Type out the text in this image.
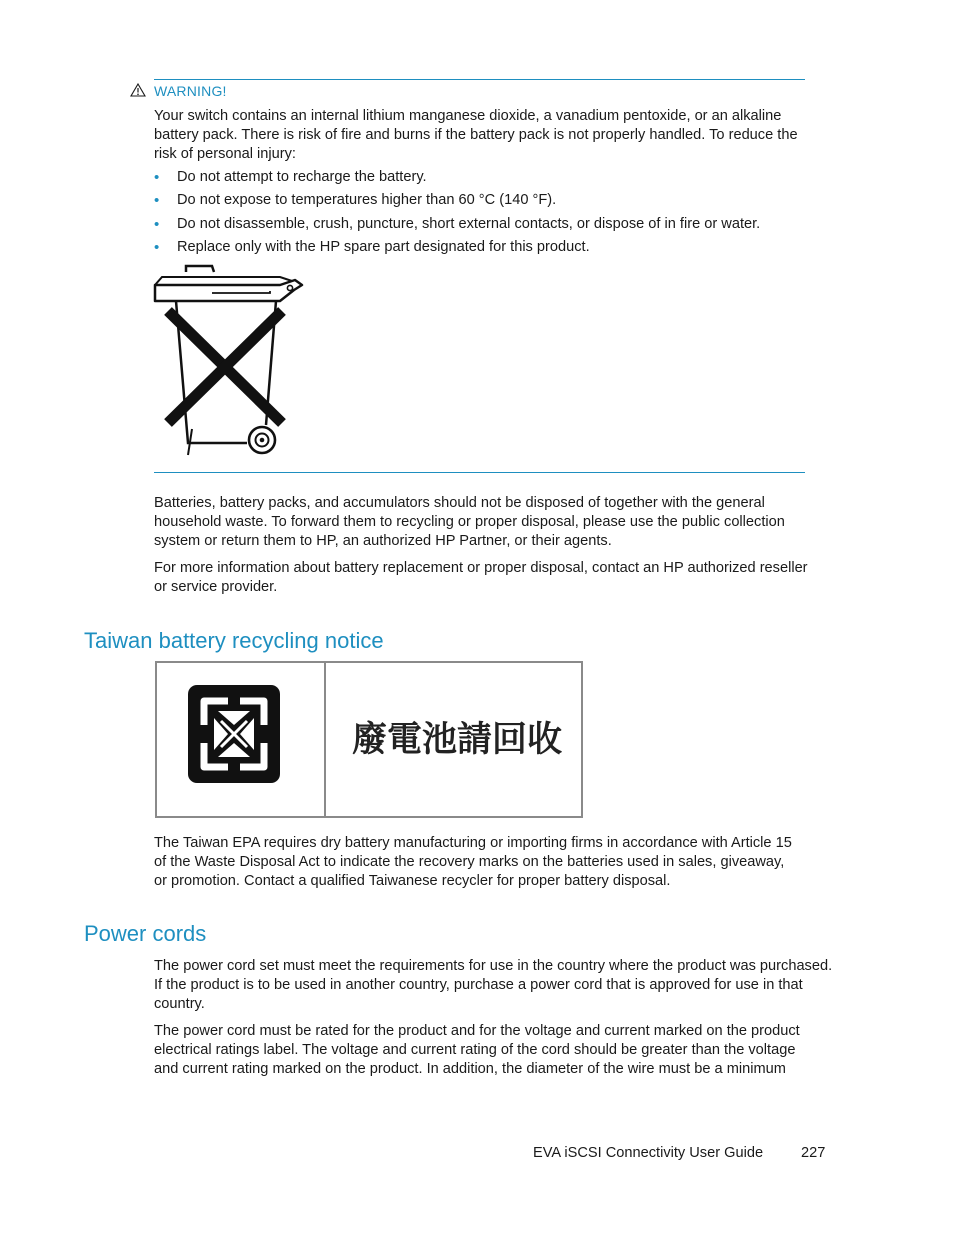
WARNING!

Your switch contains an internal lithium manganese dioxide, a vanadium pentoxide, or an alkaline

battery pack. There is risk of fire and burns if the battery pack is not properly handled. To reduce the

risk of personal injury:

• Do not attempt to recharge the battery.
• Do not expose to temperatures higher than 60 °C (140 °F).
• Do not disassemble, crush, puncture, short external contacts, or dispose of in fire or water.
• Replace only with the HP spare part designated for this product.

Batteries, battery packs, and accumulators should not be disposed of together with the general

household waste. To forward them to recycling or proper disposal, please use the public collection

system or return them to HP, an authorized HP Partner, or their agents.

For more information about battery replacement or proper disposal, contact an HP authorized reseller

or service provider.

Taiwan battery recycling notice
廢電池請回收

The Taiwan EPA requires dry battery manufacturing or importing firms in accordance with Article 15

of the Waste Disposal Act to indicate the recovery marks on the batteries used in sales, giveaway,

or promotion. Contact a qualified Taiwanese recycler for proper battery disposal.

Power cords

The power cord set must meet the requirements for use in the country where the product was purchased.

If the product is to be used in another country, purchase a power cord that is approved for use in that

country.

The power cord must be rated for the product and for the voltage and current marked on the product

electrical ratings label. The voltage and current rating of the cord should be greater than the voltage

and current rating marked on the product. In addition, the diameter of the wire must be a minimum

EVA iSCSI Connectivity User Guide	227
